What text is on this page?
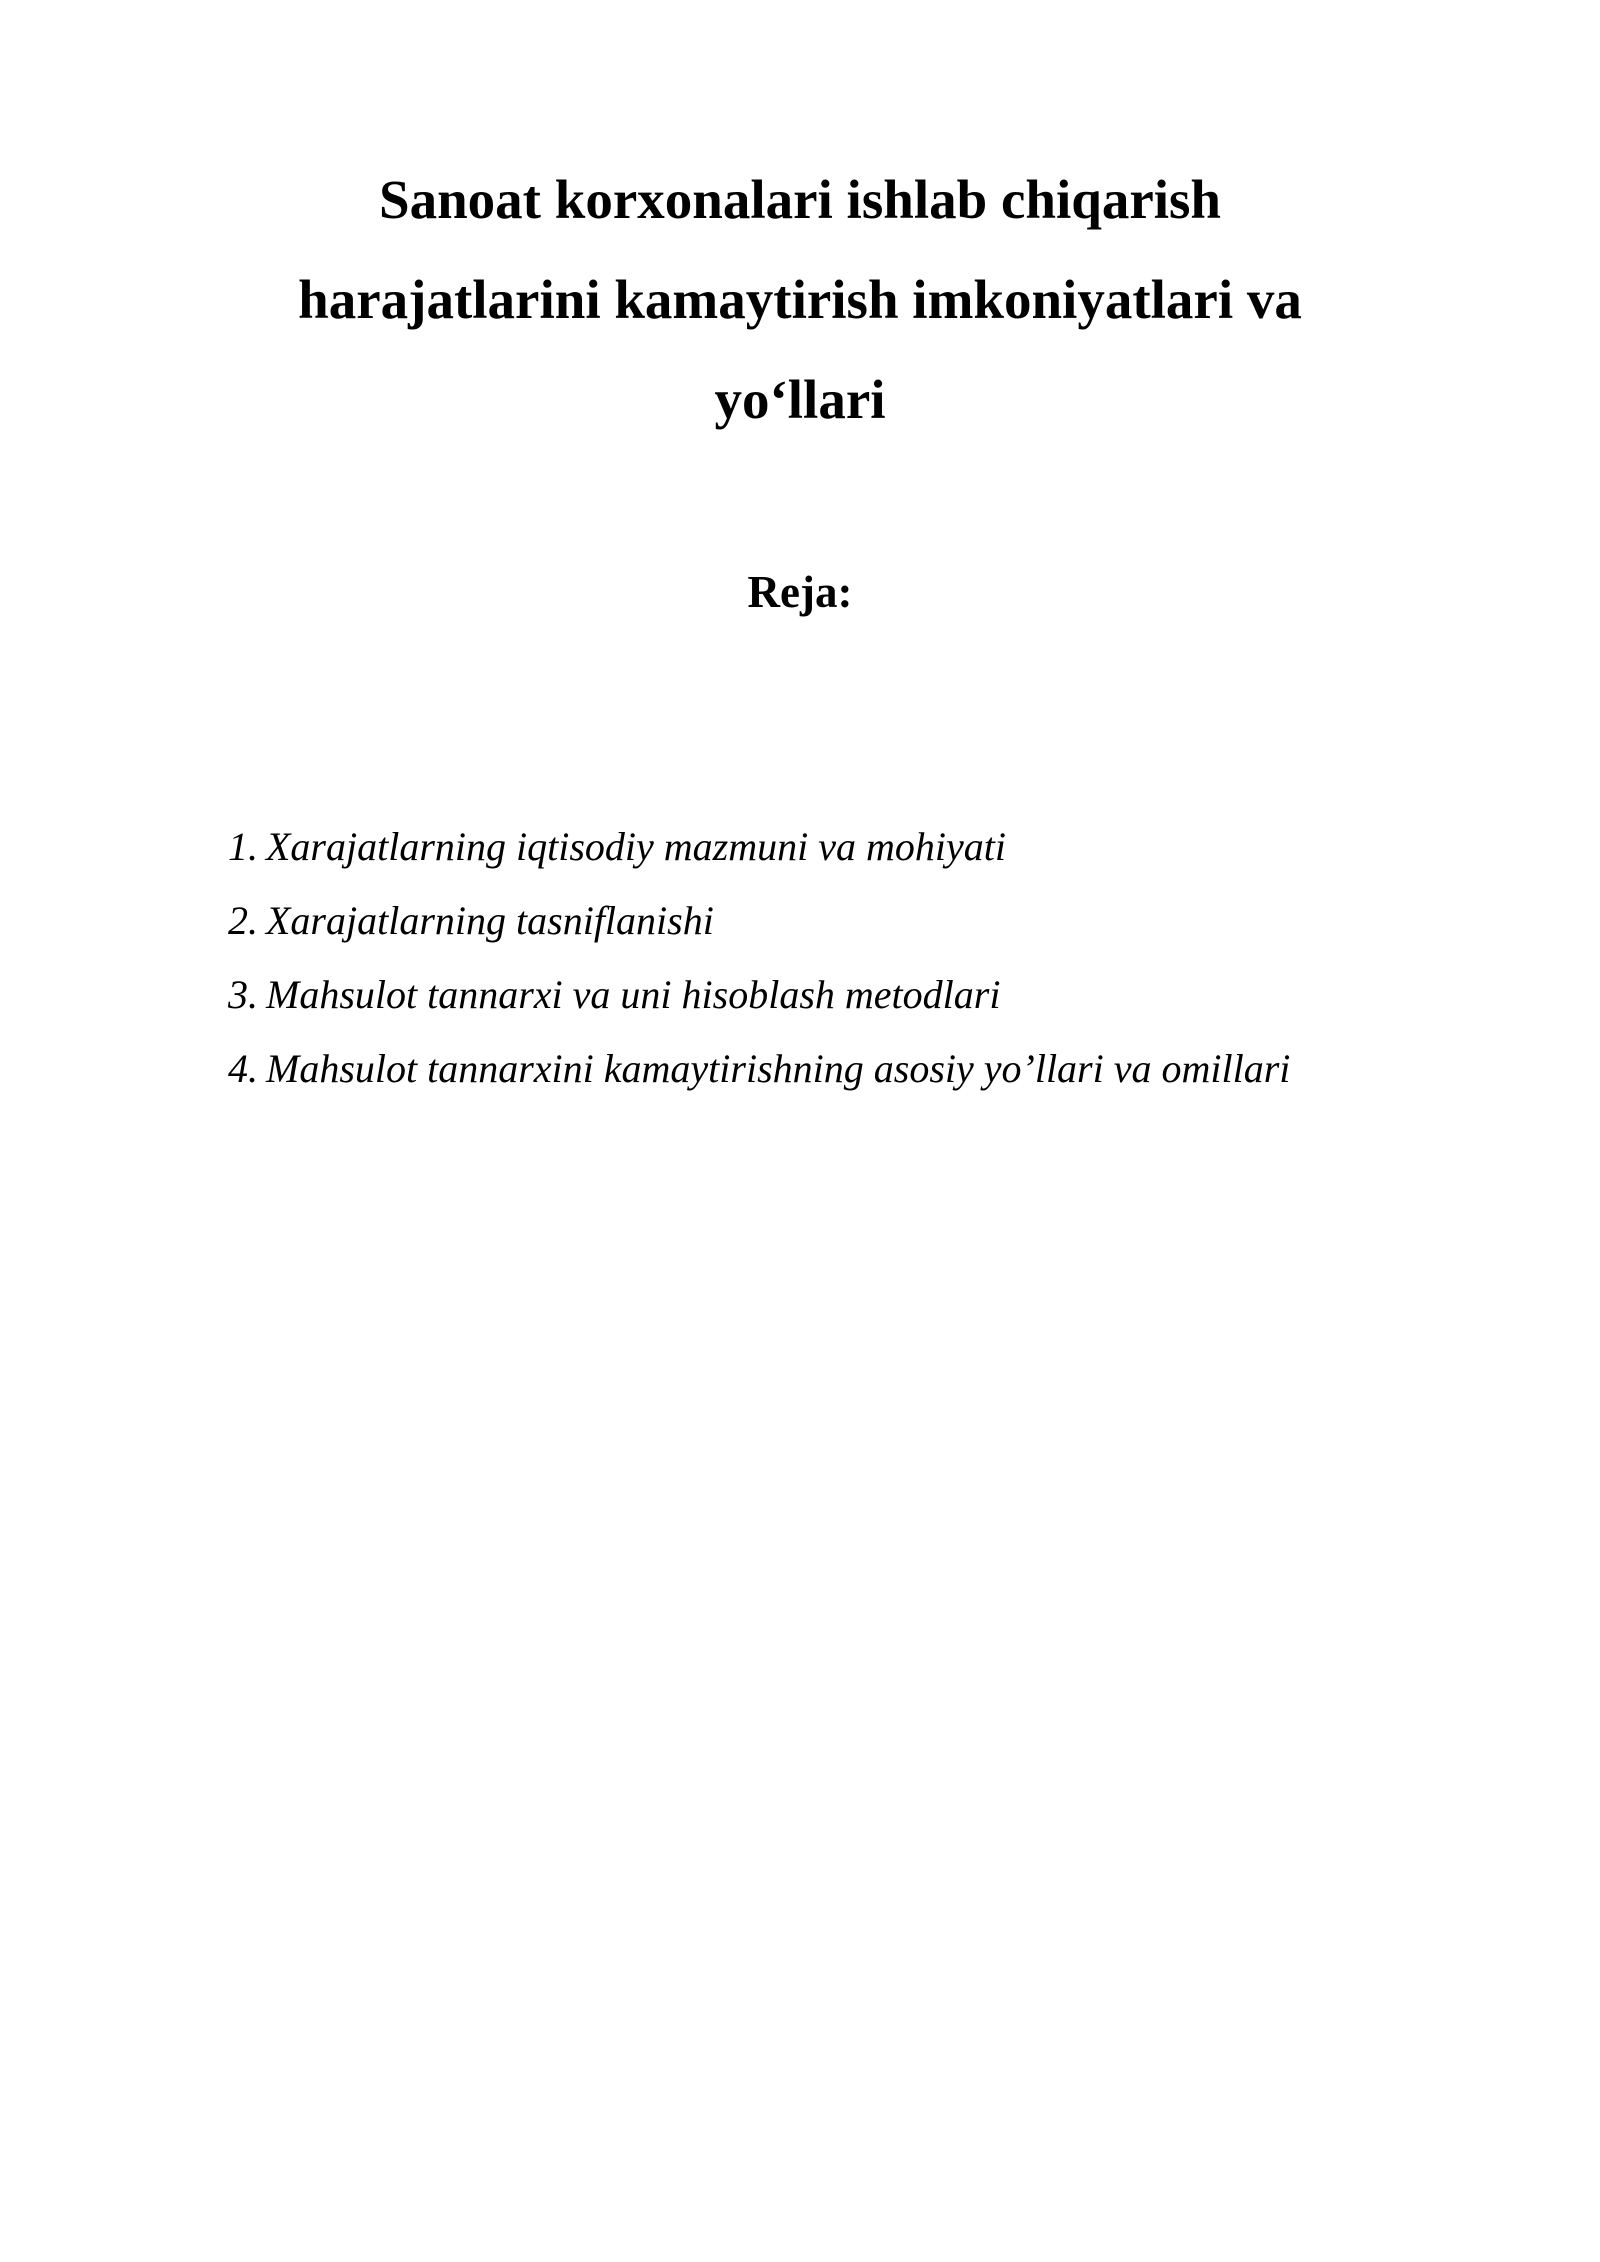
Sanoat korxonalari ishlab chiqarish
harajatlarini kamaytirish imkoniyatlari va
yo‘llari
Reja:
1. Xarajatlarning iqtisodiy mazmuni va mohiyati
2. Xarajatlarning tasniflanishi
3. Mahsulot tannarxi va uni hisoblash metodlari
4. Mahsulot tannarxini kamaytirishning asosiy yo’llari va omillari
